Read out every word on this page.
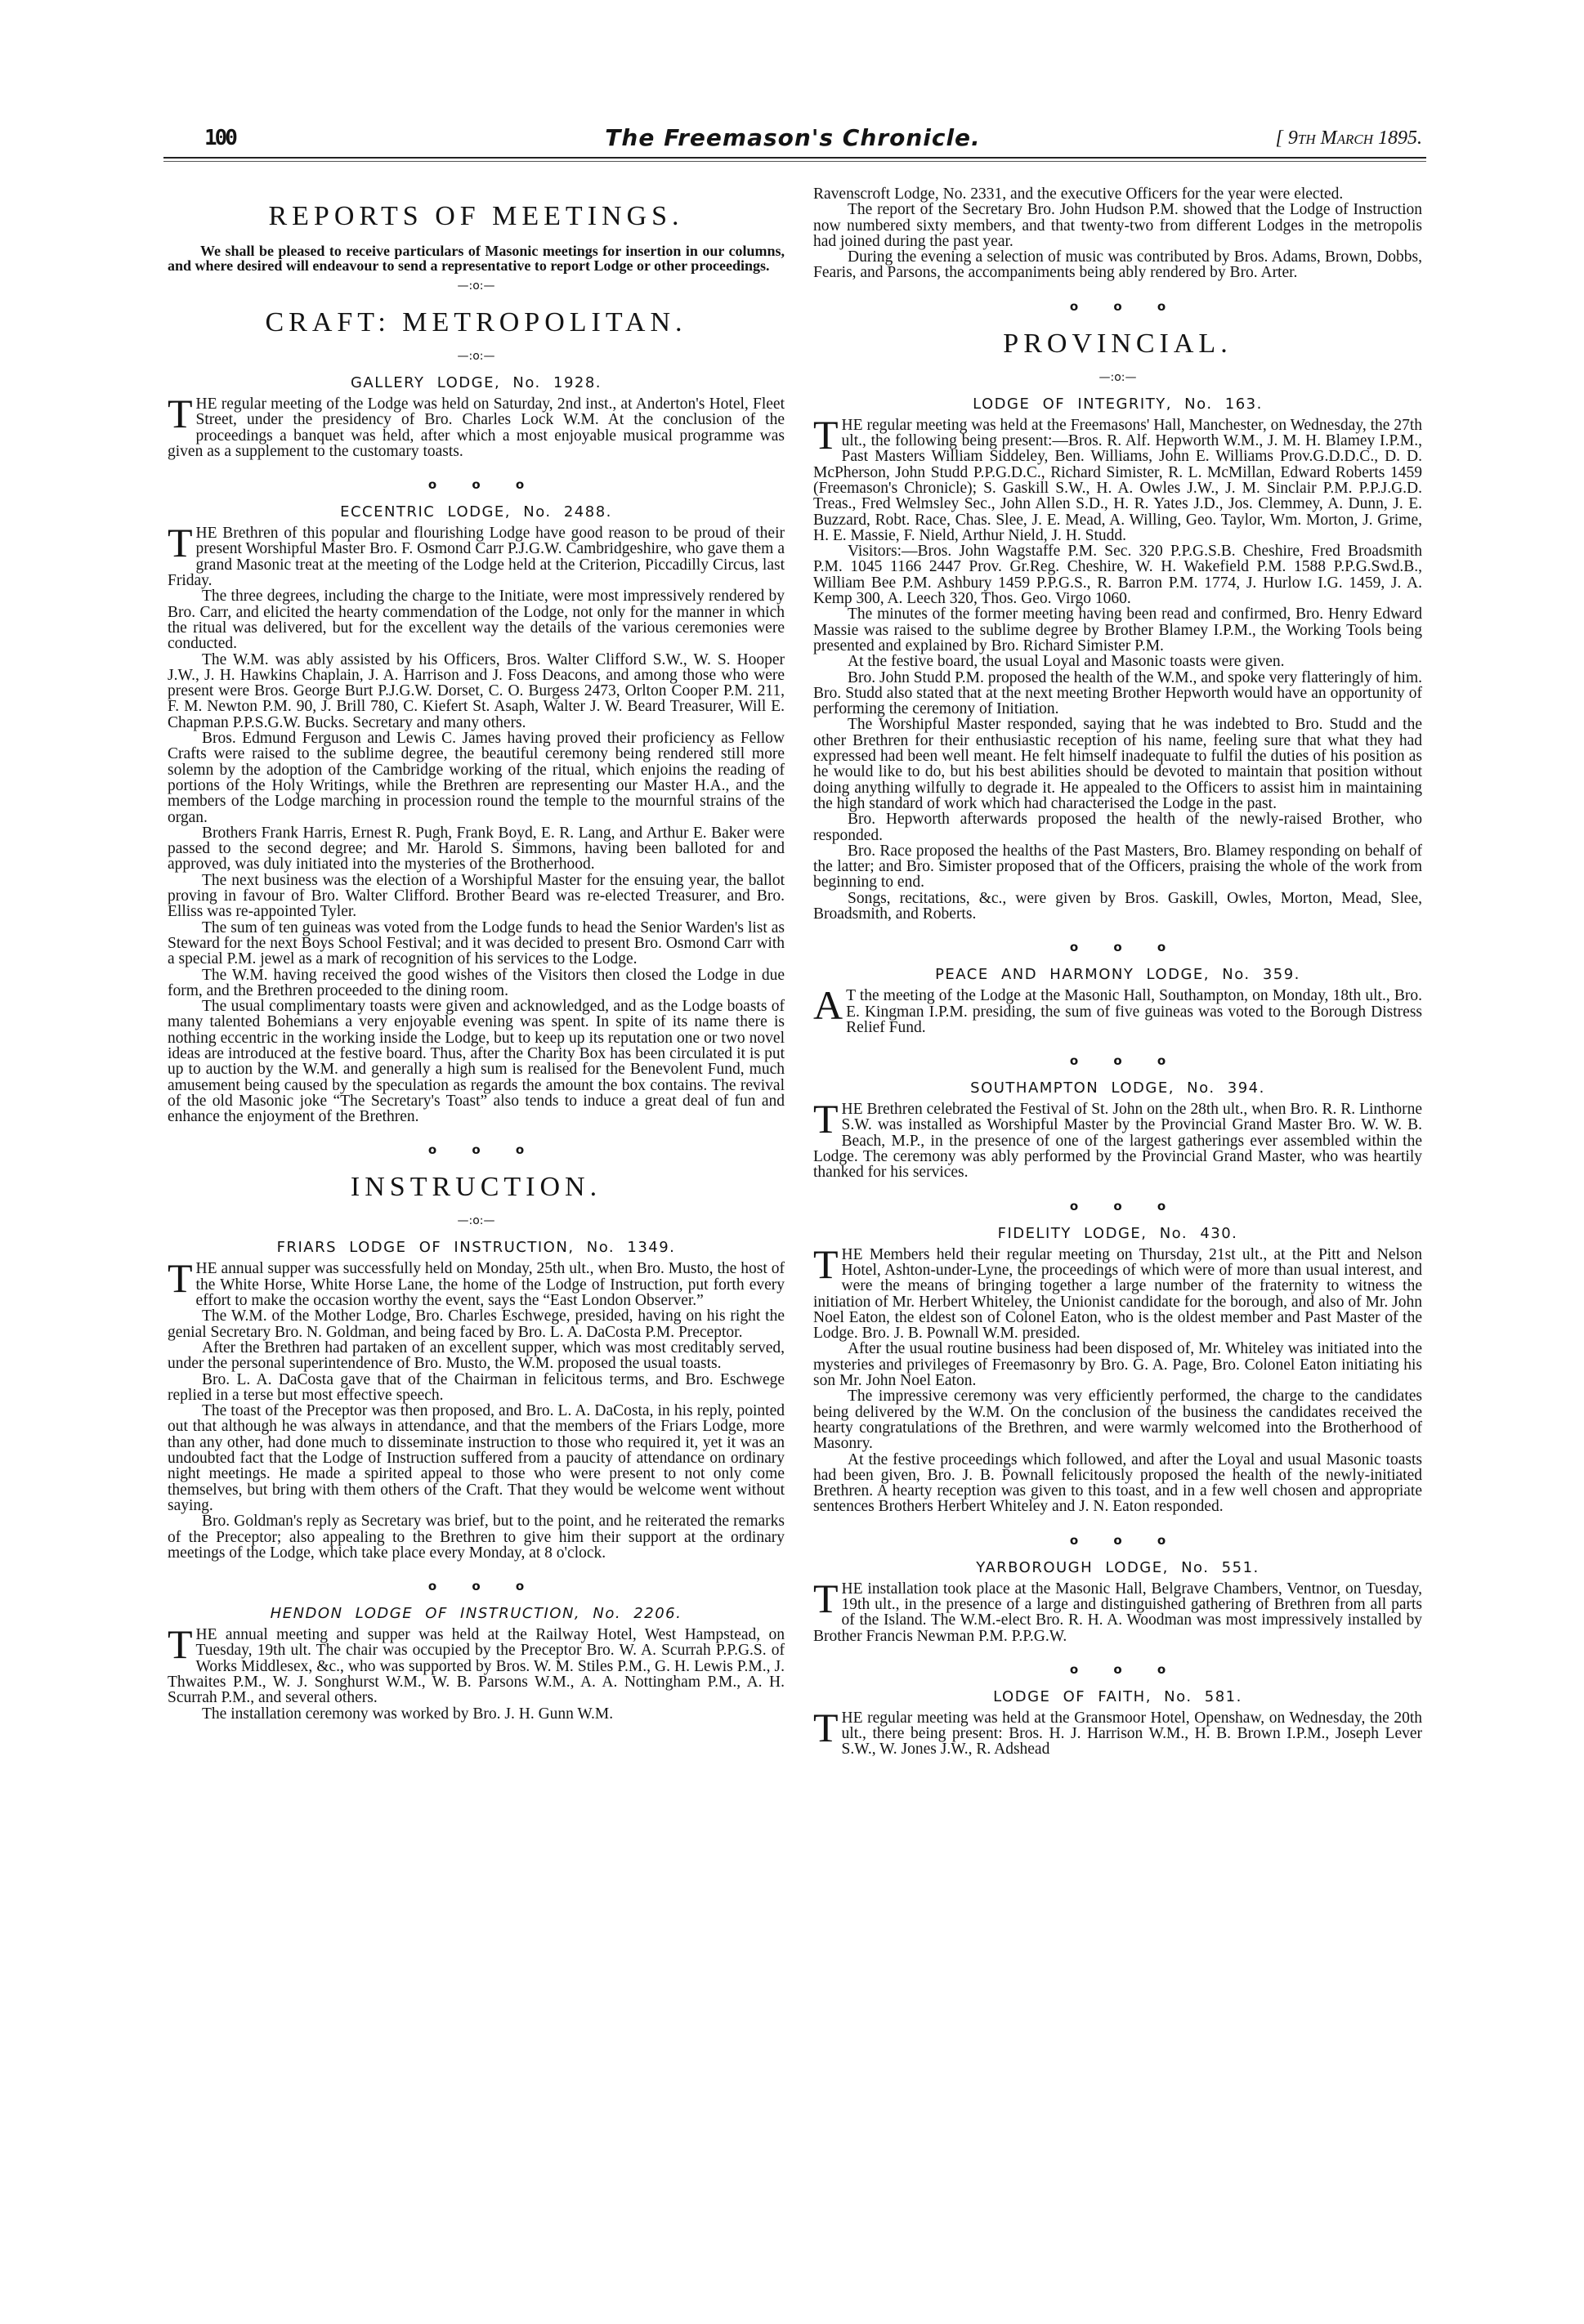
100	The Freemason's Chronicle.	[ 9th March 1895.
REPORTS OF MEETINGS.

We shall be pleased to receive particulars of Masonic meetings for insertion in our columns, and where desired will endeavour to send a representative to report Lodge or other proceedings.

—:o:—
CRAFT: METROPOLITAN.
—:o:—
GALLERY LODGE, No. 1928.

THE regular meeting of the Lodge was held on Saturday, 2nd inst., at Anderton's Hotel, Fleet Street, under the presidency of Bro. Charles Lock W.M. At the conclusion of the proceedings a banquet was held, after which a most enjoyable musical programme was given as a supplement to the customary toasts.

o o o
ECCENTRIC LODGE, No. 2488.

THE Brethren of this popular and flourishing Lodge have good reason to be proud of their present Worshipful Master Bro. F. Osmond Carr P.J.G.W. Cambridgeshire, who gave them a grand Masonic treat at the meeting of the Lodge held at the Criterion, Piccadilly Circus, last Friday.

The three degrees, including the charge to the Initiate, were most impressively rendered by Bro. Carr, and elicited the hearty commendation of the Lodge, not only for the manner in which the ritual was delivered, but for the excellent way the details of the various ceremonies were conducted.

The W.M. was ably assisted by his Officers, Bros. Walter Clifford S.W., W. S. Hooper J.W., J. H. Hawkins Chaplain, J. A. Harrison and J. Foss Deacons, and among those who were present were Bros. George Burt P.J.G.W. Dorset, C. O. Burgess 2473, Orlton Cooper P.M. 211, F. M. Newton P.M. 90, J. Brill 780, C. Kiefert St. Asaph, Walter J. W. Beard Treasurer, Will E. Chapman P.P.S.G.W. Bucks. Secretary and many others.

Bros. Edmund Ferguson and Lewis C. James having proved their proficiency as Fellow Crafts were raised to the sublime degree, the beautiful ceremony being rendered still more solemn by the adoption of the Cambridge working of the ritual, which enjoins the reading of portions of the Holy Writings, while the Brethren are representing our Master H.A., and the members of the Lodge marching in procession round the temple to the mournful strains of the organ.

Brothers Frank Harris, Ernest R. Pugh, Frank Boyd, E. R. Lang, and Arthur E. Baker were passed to the second degree; and Mr. Harold S. Simmons, having been balloted for and approved, was duly initiated into the mysteries of the Brotherhood.

The next business was the election of a Worshipful Master for the ensuing year, the ballot proving in favour of Bro. Walter Clifford. Brother Beard was re-elected Treasurer, and Bro. Elliss was re-appointed Tyler.

The sum of ten guineas was voted from the Lodge funds to head the Senior Warden's list as Steward for the next Boys School Festival; and it was decided to present Bro. Osmond Carr with a special P.M. jewel as a mark of recognition of his services to the Lodge.

The W.M. having received the good wishes of the Visitors then closed the Lodge in due form, and the Brethren proceeded to the dining room.

The usual complimentary toasts were given and acknowledged, and as the Lodge boasts of many talented Bohemians a very enjoyable evening was spent. In spite of its name there is nothing eccentric in the working inside the Lodge, but to keep up its reputation one or two novel ideas are introduced at the festive board. Thus, after the Charity Box has been circulated it is put up to auction by the W.M. and generally a high sum is realised for the Benevolent Fund, much amusement being caused by the speculation as regards the amount the box contains. The revival of the old Masonic joke “The Secretary's Toast” also tends to induce a great deal of fun and enhance the enjoyment of the Brethren.

o o o
INSTRUCTION.
—:o:—
FRIARS LODGE OF INSTRUCTION, No. 1349.

THE annual supper was successfully held on Monday, 25th ult., when Bro. Musto, the host of the White Horse, White Horse Lane, the home of the Lodge of Instruction, put forth every effort to make the occasion worthy the event, says the “East London Observer.”

The W.M. of the Mother Lodge, Bro. Charles Eschwege, presided, having on his right the genial Secretary Bro. N. Goldman, and being faced by Bro. L. A. DaCosta P.M. Preceptor.

After the Brethren had partaken of an excellent supper, which was most creditably served, under the personal superintendence of Bro. Musto, the W.M. proposed the usual toasts.

Bro. L. A. DaCosta gave that of the Chairman in felicitous terms, and Bro. Eschwege replied in a terse but most effective speech.

The toast of the Preceptor was then proposed, and Bro. L. A. DaCosta, in his reply, pointed out that although he was always in attendance, and that the members of the Friars Lodge, more than any other, had done much to disseminate instruction to those who required it, yet it was an undoubted fact that the Lodge of Instruction suffered from a paucity of attendance on ordinary night meetings. He made a spirited appeal to those who were present to not only come themselves, but bring with them others of the Craft. That they would be welcome went without saying.

Bro. Goldman's reply as Secretary was brief, but to the point, and he reiterated the remarks of the Preceptor; also appealing to the Brethren to give him their support at the ordinary meetings of the Lodge, which take place every Monday, at 8 o'clock.

o o o
HENDON LODGE OF INSTRUCTION, No. 2206.

THE annual meeting and supper was held at the Railway Hotel, West Hampstead, on Tuesday, 19th ult. The chair was occupied by the Preceptor Bro. W. A. Scurrah P.P.G.S. of Works Middlesex, &c., who was supported by Bros. W. M. Stiles P.M., G. H. Lewis P.M., J. Thwaites P.M., W. J. Songhurst W.M., W. B. Parsons W.M., A. A. Nottingham P.M., A. H. Scurrah P.M., and several others.

The installation ceremony was worked by Bro. J. H. Gunn W.M.

Ravenscroft Lodge, No. 2331, and the executive Officers for the year were elected.

The report of the Secretary Bro. John Hudson P.M. showed that the Lodge of Instruction now numbered sixty members, and that twenty-two from different Lodges in the metropolis had joined during the past year.

During the evening a selection of music was contributed by Bros. Adams, Brown, Dobbs, Fearis, and Parsons, the accompaniments being ably rendered by Bro. Arter.

o o o
PROVINCIAL.
—:o:—
LODGE OF INTEGRITY, No. 163.

THE regular meeting was held at the Freemasons' Hall, Manchester, on Wednesday, the 27th ult., the following being present:—Bros. R. Alf. Hepworth W.M., J. M. H. Blamey I.P.M., Past Masters William Siddeley, Ben. Williams, John E. Williams Prov.G.D.D.C., D. D. McPherson, John Studd P.P.G.D.C., Richard Simister, R. L. McMillan, Edward Roberts 1459 (Freemason's Chronicle); S. Gaskill S.W., H. A. Owles J.W., J. M. Sinclair P.M. P.P.J.G.D. Treas., Fred Welmsley Sec., John Allen S.D., H. R. Yates J.D., Jos. Clemmey, A. Dunn, J. E. Buzzard, Robt. Race, Chas. Slee, J. E. Mead, A. Willing, Geo. Taylor, Wm. Morton, J. Grime, H. E. Massie, F. Nield, Arthur Nield, J. H. Studd.

Visitors:—Bros. John Wagstaffe P.M. Sec. 320 P.P.G.S.B. Cheshire, Fred Broadsmith P.M. 1045 1166 2447 Prov. Gr.Reg. Cheshire, W. H. Wakefield P.M. 1588 P.P.G.Swd.B., William Bee P.M. Ashbury 1459 P.P.G.S., R. Barron P.M. 1774, J. Hurlow I.G. 1459, J. A. Kemp 300, A. Leech 320, Thos. Geo. Virgo 1060.

The minutes of the former meeting having been read and confirmed, Bro. Henry Edward Massie was raised to the sublime degree by Brother Blamey I.P.M., the Working Tools being presented and explained by Bro. Richard Simister P.M.

At the festive board, the usual Loyal and Masonic toasts were given.

Bro. John Studd P.M. proposed the health of the W.M., and spoke very flatteringly of him. Bro. Studd also stated that at the next meeting Brother Hepworth would have an opportunity of performing the ceremony of Initiation.

The Worshipful Master responded, saying that he was indebted to Bro. Studd and the other Brethren for their enthusiastic reception of his name, feeling sure that what they had expressed had been well meant. He felt himself inadequate to fulfil the duties of his position as he would like to do, but his best abilities should be devoted to maintain that position without doing anything wilfully to degrade it. He appealed to the Officers to assist him in maintaining the high standard of work which had characterised the Lodge in the past.

Bro. Hepworth afterwards proposed the health of the newly-raised Brother, who responded.

Bro. Race proposed the healths of the Past Masters, Bro. Blamey responding on behalf of the latter; and Bro. Simister proposed that of the Officers, praising the whole of the work from beginning to end.

Songs, recitations, &c., were given by Bros. Gaskill, Owles, Morton, Mead, Slee, Broadsmith, and Roberts.

o o o
PEACE AND HARMONY LODGE, No. 359.

A T the meeting of the Lodge at the Masonic Hall, Southampton, on Monday, 18th ult., Bro. E. Kingman I.P.M. presiding, the sum of five guineas was voted to the Borough Distress Relief Fund.

o o o
SOUTHAMPTON LODGE, No. 394.

THE Brethren celebrated the Festival of St. John on the 28th ult., when Bro. R. R. Linthorne S.W. was installed as Worshipful Master by the Provincial Grand Master Bro. W. W. B. Beach, M.P., in the presence of one of the largest gatherings ever assembled within the Lodge. The ceremony was ably performed by the Provincial Grand Master, who was heartily thanked for his services.

o o o
FIDELITY LODGE, No. 430.

THE Members held their regular meeting on Thursday, 21st ult., at the Pitt and Nelson Hotel, Ashton-under-Lyne, the proceedings of which were of more than usual interest, and were the means of bringing together a large number of the fraternity to witness the initiation of Mr. Herbert Whiteley, the Unionist candidate for the borough, and also of Mr. John Noel Eaton, the eldest son of Colonel Eaton, who is the oldest member and Past Master of the Lodge. Bro. J. B. Pownall W.M. presided.

After the usual routine business had been disposed of, Mr. Whiteley was initiated into the mysteries and privileges of Freemasonry by Bro. G. A. Page, Bro. Colonel Eaton initiating his son Mr. John Noel Eaton.

The impressive ceremony was very efficiently performed, the charge to the candidates being delivered by the W.M. On the conclusion of the business the candidates received the hearty congratulations of the Brethren, and were warmly welcomed into the Brotherhood of Masonry.

At the festive proceedings which followed, and after the Loyal and usual Masonic toasts had been given, Bro. J. B. Pownall felicitously proposed the health of the newly-initiated Brethren. A hearty reception was given to this toast, and in a few well chosen and appropriate sentences Brothers Herbert Whiteley and J. N. Eaton responded.

o o o
YARBOROUGH LODGE, No. 551.

THE installation took place at the Masonic Hall, Belgrave Chambers, Ventnor, on Tuesday, 19th ult., in the presence of a large and distinguished gathering of Brethren from all parts of the Island. The W.M.-elect Bro. R. H. A. Woodman was most impressively installed by Brother Francis Newman P.M. P.P.G.W.

o o o
LODGE OF FAITH, No. 581.

THE regular meeting was held at the Gransmoor Hotel, Openshaw, on Wednesday, the 20th ult., there being present: Bros. H. J. Harrison W.M., H. B. Brown I.P.M., Joseph Lever S.W., W. Jones J.W., R. Adshead
